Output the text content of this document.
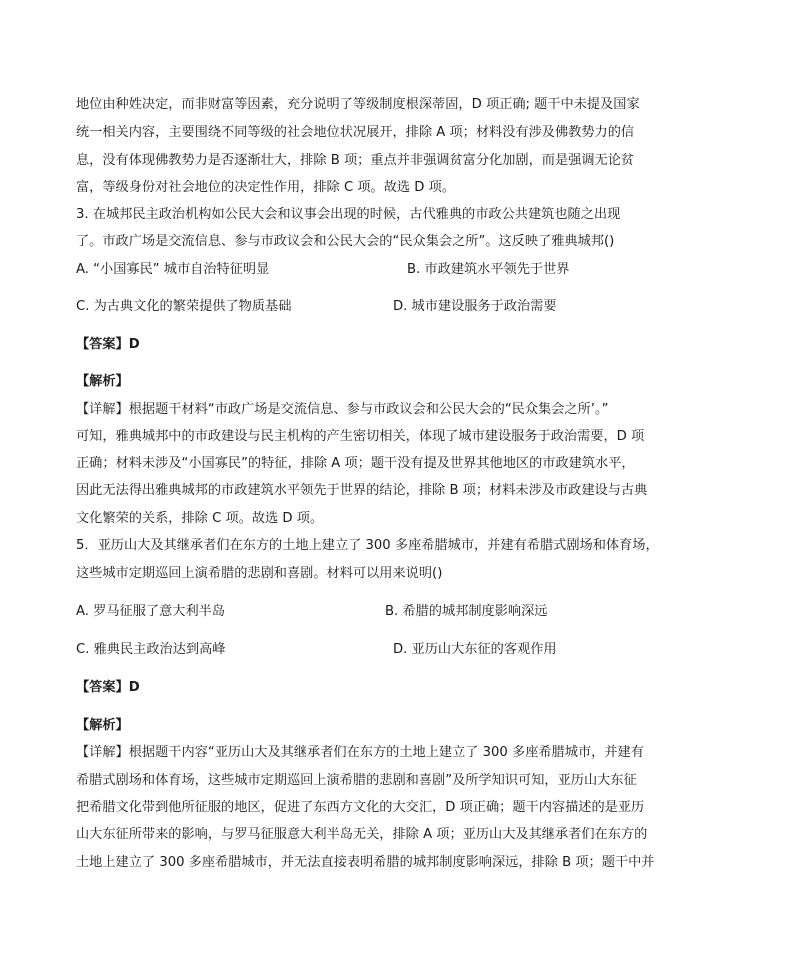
地位由种姓决定，而非财富等因素，充分说明了等级制度根深蒂固，D 项正确; 题干中未提及国家
统一相关内容，主要围绕不同等级的社会地位状况展开，排除 A 项；材料没有涉及佛教势力的信
息，没有体现佛教势力是否逐渐壮大，排除 B 项；重点并非强调贫富分化加剧，而是强调无论贫
富，等级身份对社会地位的决定性作用，排除 C 项。故选 D 项。
3. 在城邦民主政治机构如公民大会和议事会出现的时候，古代雅典的市政公共建筑也随之出现
了。市政广场是交流信息、参与市政议会和公民大会的“民众集会之所”。这反映了雅典城邦()
A. “小国寡民” 城市自治特征明显	B. 市政建筑水平领先于世界
C. 为古典文化的繁荣提供了物质基础	D. 城市建设服务于政治需要
【答案】D
【解析】
【详解】根据题干材料“市政广场是交流信息、参与市政议会和公民大会的“民众集会之所’。”
可知，雅典城邦中的市政建设与民主机构的产生密切相关，体现了城市建设服务于政治需要，D 项
正确；材料未涉及“小国寡民”的特征，排除 A 项；题干没有提及世界其他地区的市政建筑水平，
因此无法得出雅典城邦的市政建筑水平领先于世界的结论，排除 B 项；材料未涉及市政建设与古典
文化繁荣的关系，排除 C 项。故选 D 项。
5．亚历山大及其继承者们在东方的土地上建立了 300 多座希腊城市，并建有希腊式剧场和体育场，
这些城市定期巡回上演希腊的悲剧和喜剧。材料可以用来说明()
A. 罗马征服了意大利半岛	B. 希腊的城邦制度影响深远
C. 雅典民主政治达到高峰	D. 亚历山大东征的客观作用
【答案】D
【解析】
【详解】根据题干内容“亚历山大及其继承者们在东方的土地上建立了 300 多座希腊城市，并建有
希腊式剧场和体育场，这些城市定期巡回上演希腊的悲剧和喜剧”及所学知识可知，亚历山大东征
把希腊文化带到他所征服的地区，促进了东西方文化的大交汇，D 项正确；题干内容描述的是亚历
山大东征所带来的影响，与罗马征服意大利半岛无关，排除 A 项；亚历山大及其继承者们在东方的
土地上建立了 300 多座希腊城市，并无法直接表明希腊的城邦制度影响深远，排除 B 项；题干中并
